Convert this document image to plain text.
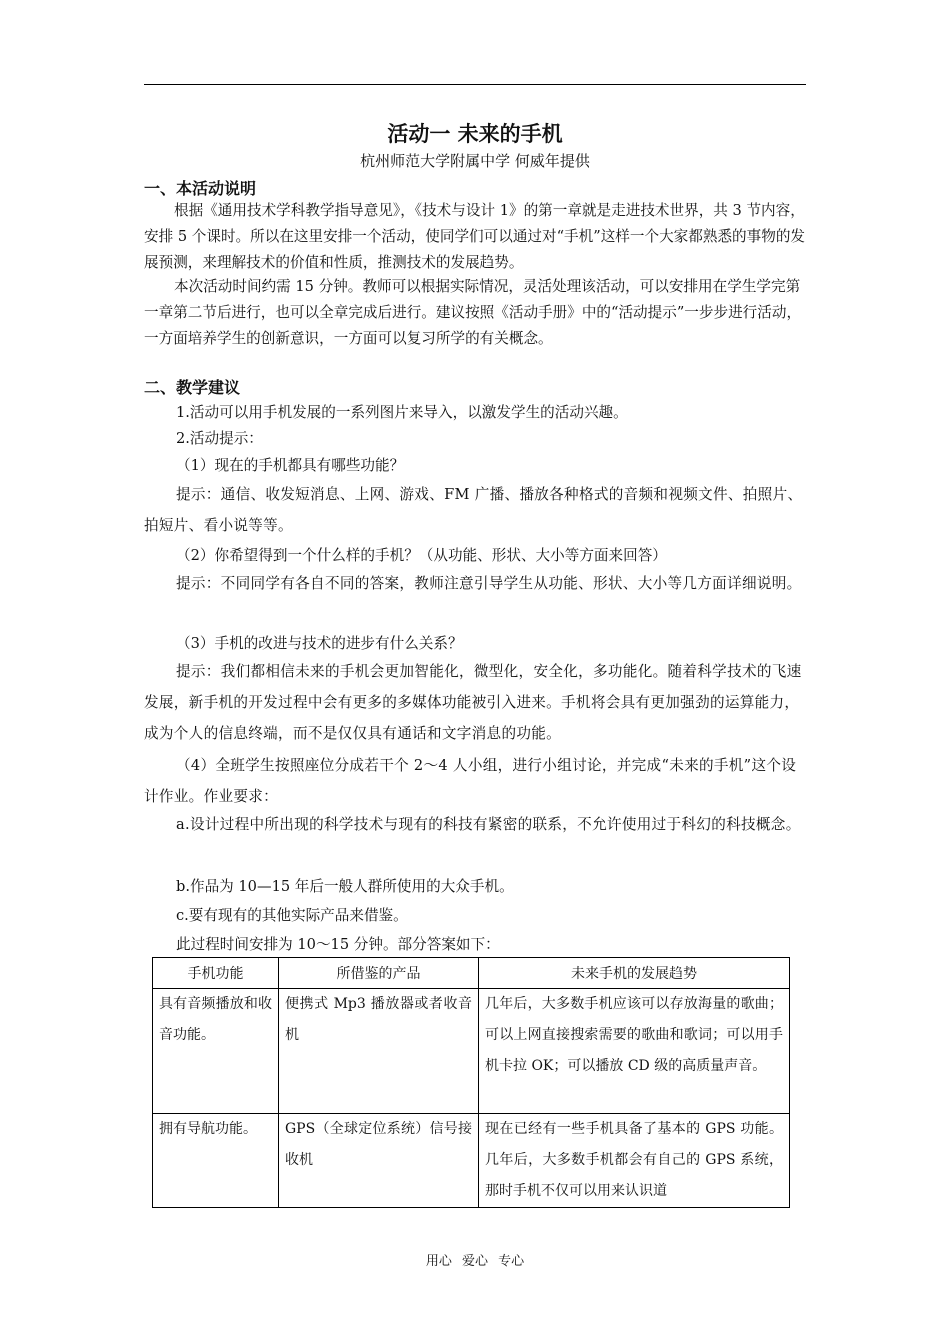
活动一 未来的手机
杭州师范大学附属中学 何威年提供
一、本活动说明

根据《通用技术学科教学指导意见》，《技术与设计 1》的第一章就是走进技术世界，共 3 节内容，安排 5 个课时。所以在这里安排一个活动，使同学们可以通过对“手机”这样一个大家都熟悉的事物的发展预测，来理解技术的价值和性质，推测技术的发展趋势。

本次活动时间约需 15 分钟。教师可以根据实际情况，灵活处理该活动，可以安排用在学生学完第一章第二节后进行，也可以全章完成后进行。建议按照《活动手册》中的“活动提示”一步步进行活动，一方面培养学生的创新意识，一方面可以复习所学的有关概念。

二、教学建议
1.活动可以用手机发展的一系列图片来导入，以激发学生的活动兴趣。
2.活动提示：
（1）现在的手机都具有哪些功能？

提示：通信、收发短消息、上网、游戏、FM 广播、播放各种格式的音频和视频文件、拍照片、拍短片、看小说等等。

（2）你希望得到一个什么样的手机？（从功能、形状、大小等方面来回答）

提示：不同同学有各自不同的答案，教师注意引导学生从功能、形状、大小等几方面详细说明。

（3）手机的改进与技术的进步有什么关系？

提示：我们都相信未来的手机会更加智能化，微型化，安全化，多功能化。随着科学技术的飞速发展，新手机的开发过程中会有更多的多媒体功能被引入进来。手机将会具有更加强劲的运算能力，成为个人的信息终端，而不是仅仅具有通话和文字消息的功能。

（4）全班学生按照座位分成若干个 2～4 人小组，进行小组讨论，并完成“未来的手机”这个设计作业。作业要求：

a.设计过程中所出现的科学技术与现有的科技有紧密的联系，不允许使用过于科幻的科技概念。

b.作品为 10—15 年后一般人群所使用的大众手机。
c.要有现有的其他实际产品来借鉴。
此过程时间安排为 10～15 分钟。部分答案如下：
手机功能	所借鉴的产品	未来手机的发展趋势
具有音频播放和收音功能。	便携式 Mp3 播放器或者收音机	几年后，大多数手机应该可以存放海量的歌曲；可以上网直接搜索需要的歌曲和歌词；可以用手机卡拉 OK；可以播放 CD 级的高质量声音。
拥有导航功能。	GPS（全球定位系统）信号接收机	现在已经有一些手机具备了基本的 GPS 功能。几年后，大多数手机都会有自己的 GPS 系统，那时手机不仅可以用来认识道
用心 爱心 专心
